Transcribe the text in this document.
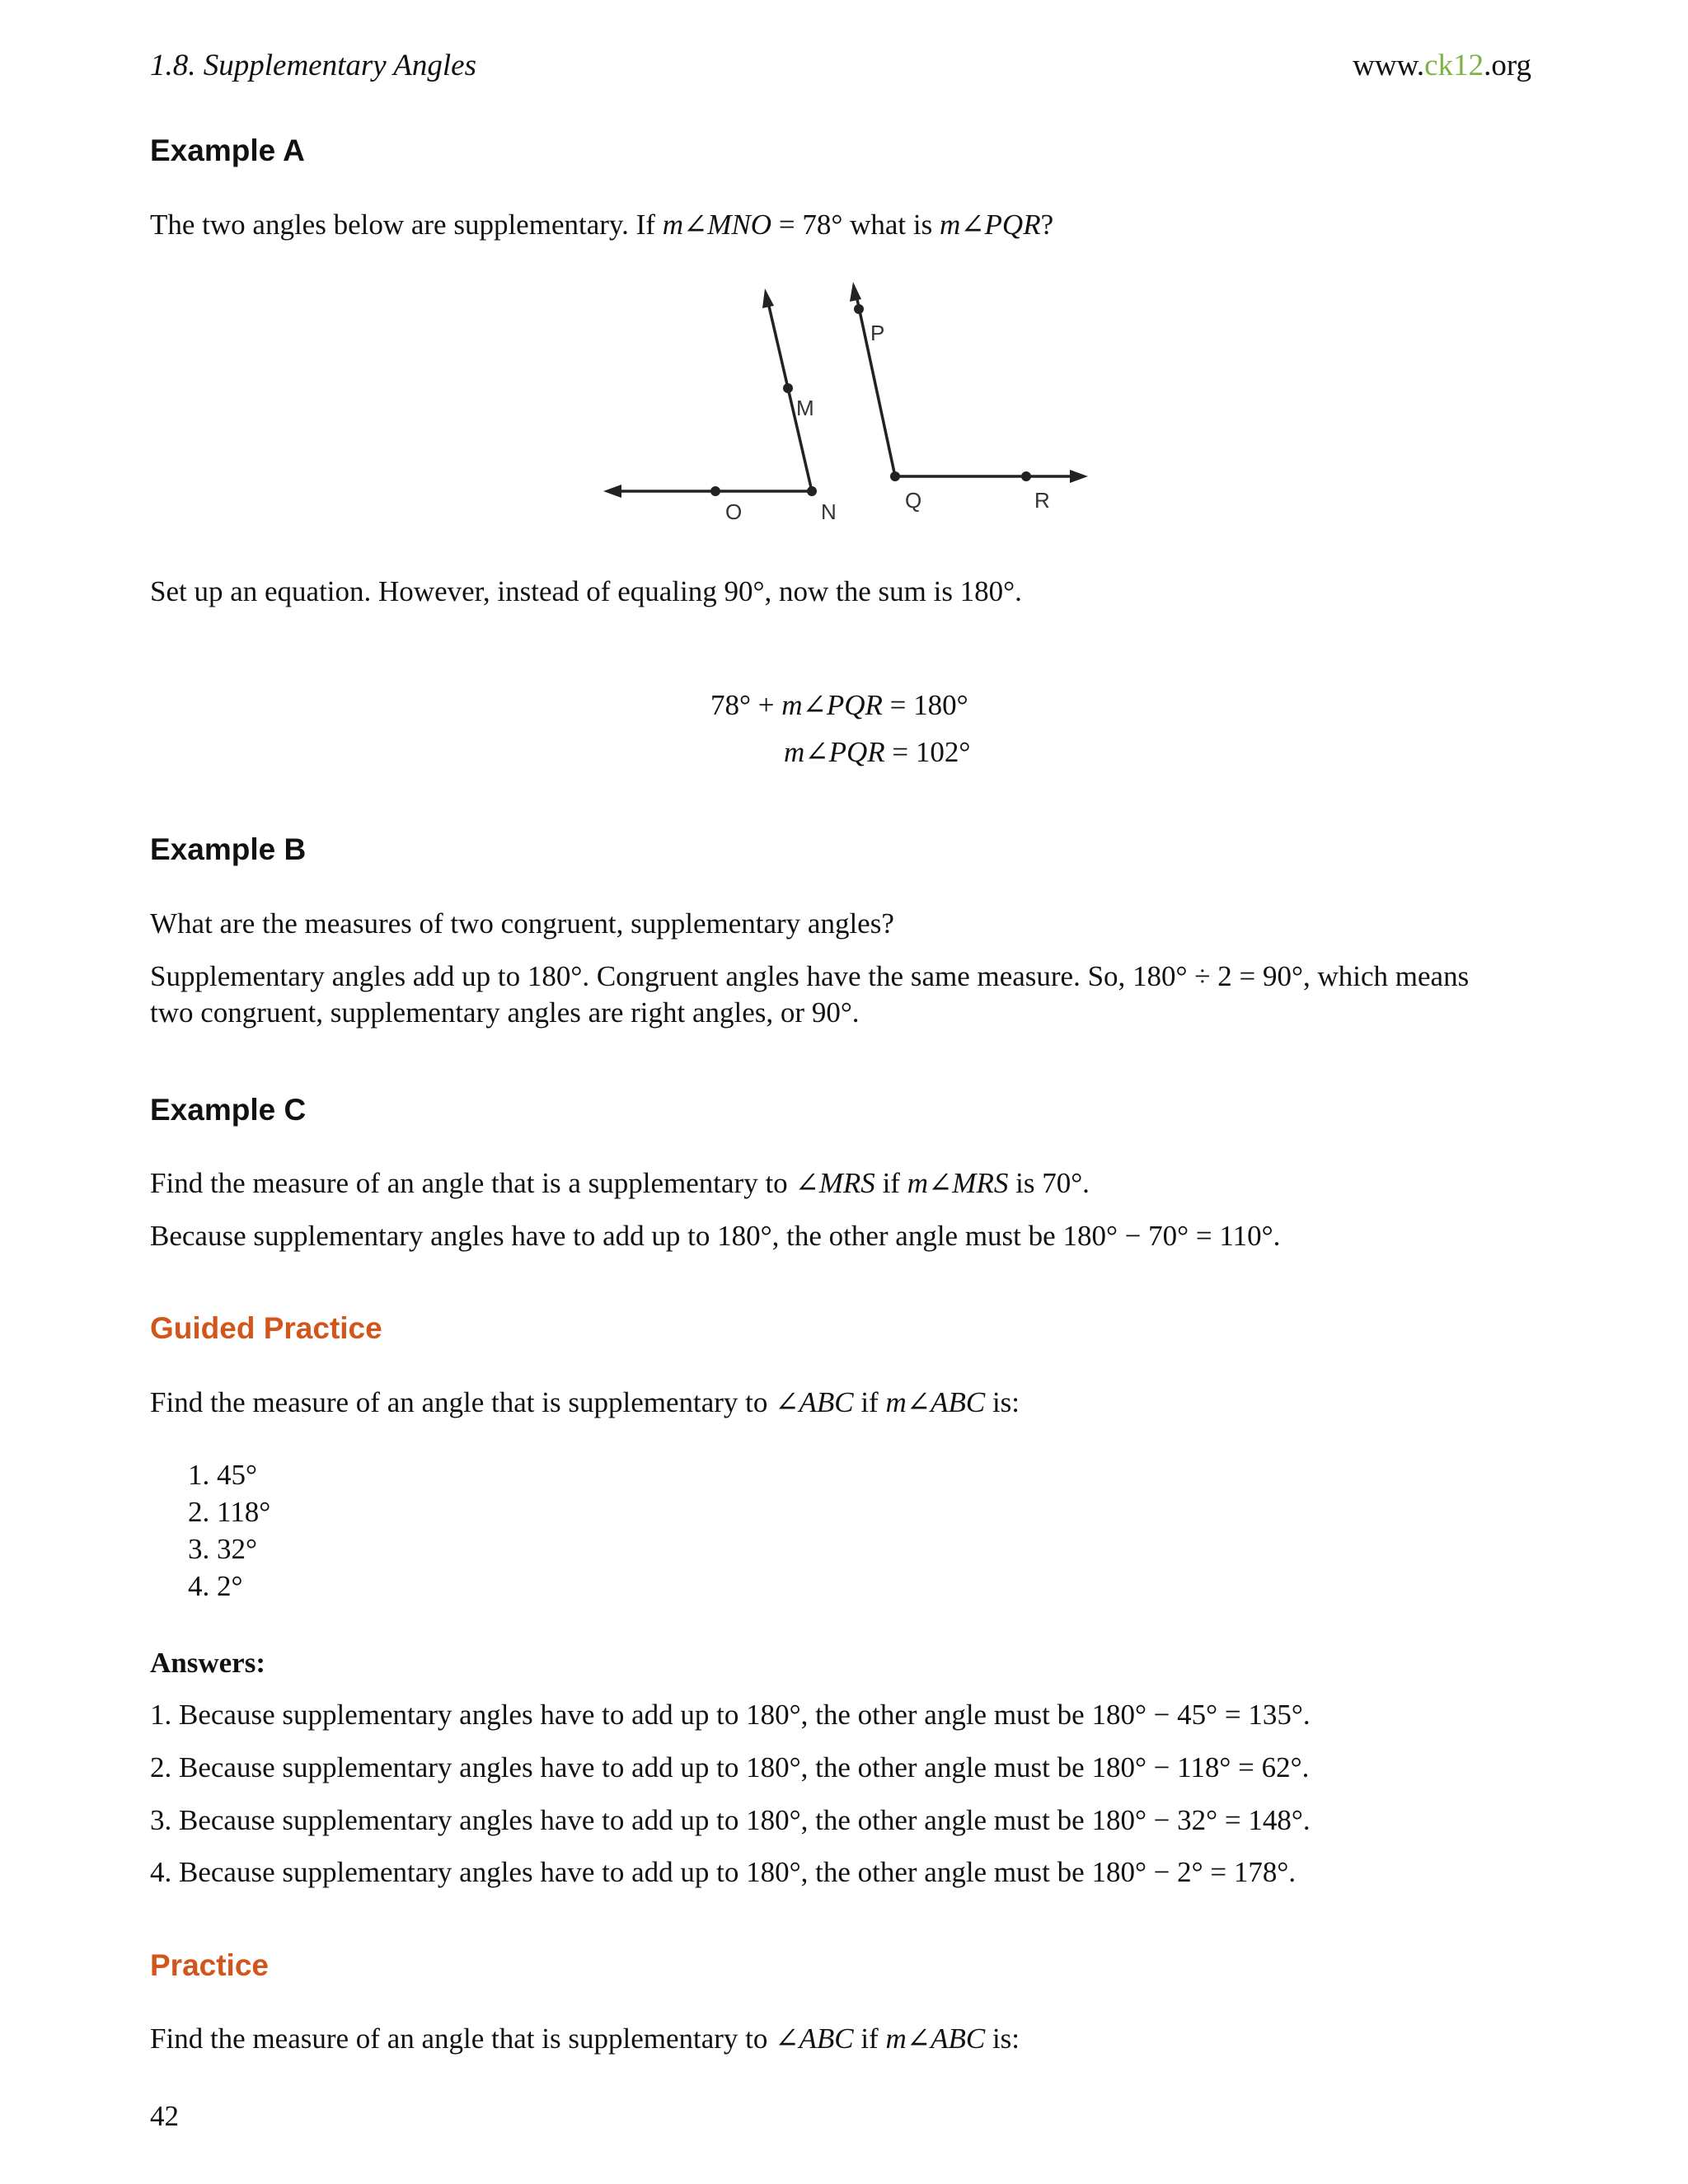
1.8. Supplementary Angles	www.ck12.org
Example A
The two angles below are supplementary. If m∠MNO = 78° what is m∠PQR?
M
O	N
P
Q	R
Set up an equation. However, instead of equaling 90°, now the sum is 180°.
78° + m∠PQR = 180°
m∠PQR = 102°
Example B
What are the measures of two congruent, supplementary angles?
Supplementary angles add up to 180°. Congruent angles have the same measure. So, 180° ÷ 2 = 90°, which means
two congruent, supplementary angles are right angles, or 90°.
Example C
Find the measure of an angle that is a supplementary to ∠MRS if m∠MRS is 70°.
Because supplementary angles have to add up to 180°, the other angle must be 180° − 70° = 110°.
Guided Practice
Find the measure of an angle that is supplementary to ∠ABC if m∠ABC is:
1. 45°
2. 118°
3. 32°
4. 2°
Answers:
1. Because supplementary angles have to add up to 180°, the other angle must be 180° − 45° = 135°.
2. Because supplementary angles have to add up to 180°, the other angle must be 180° − 118° = 62°.
3. Because supplementary angles have to add up to 180°, the other angle must be 180° − 32° = 148°.
4. Because supplementary angles have to add up to 180°, the other angle must be 180° − 2° = 178°.
Practice
Find the measure of an angle that is supplementary to ∠ABC if m∠ABC is:
42
